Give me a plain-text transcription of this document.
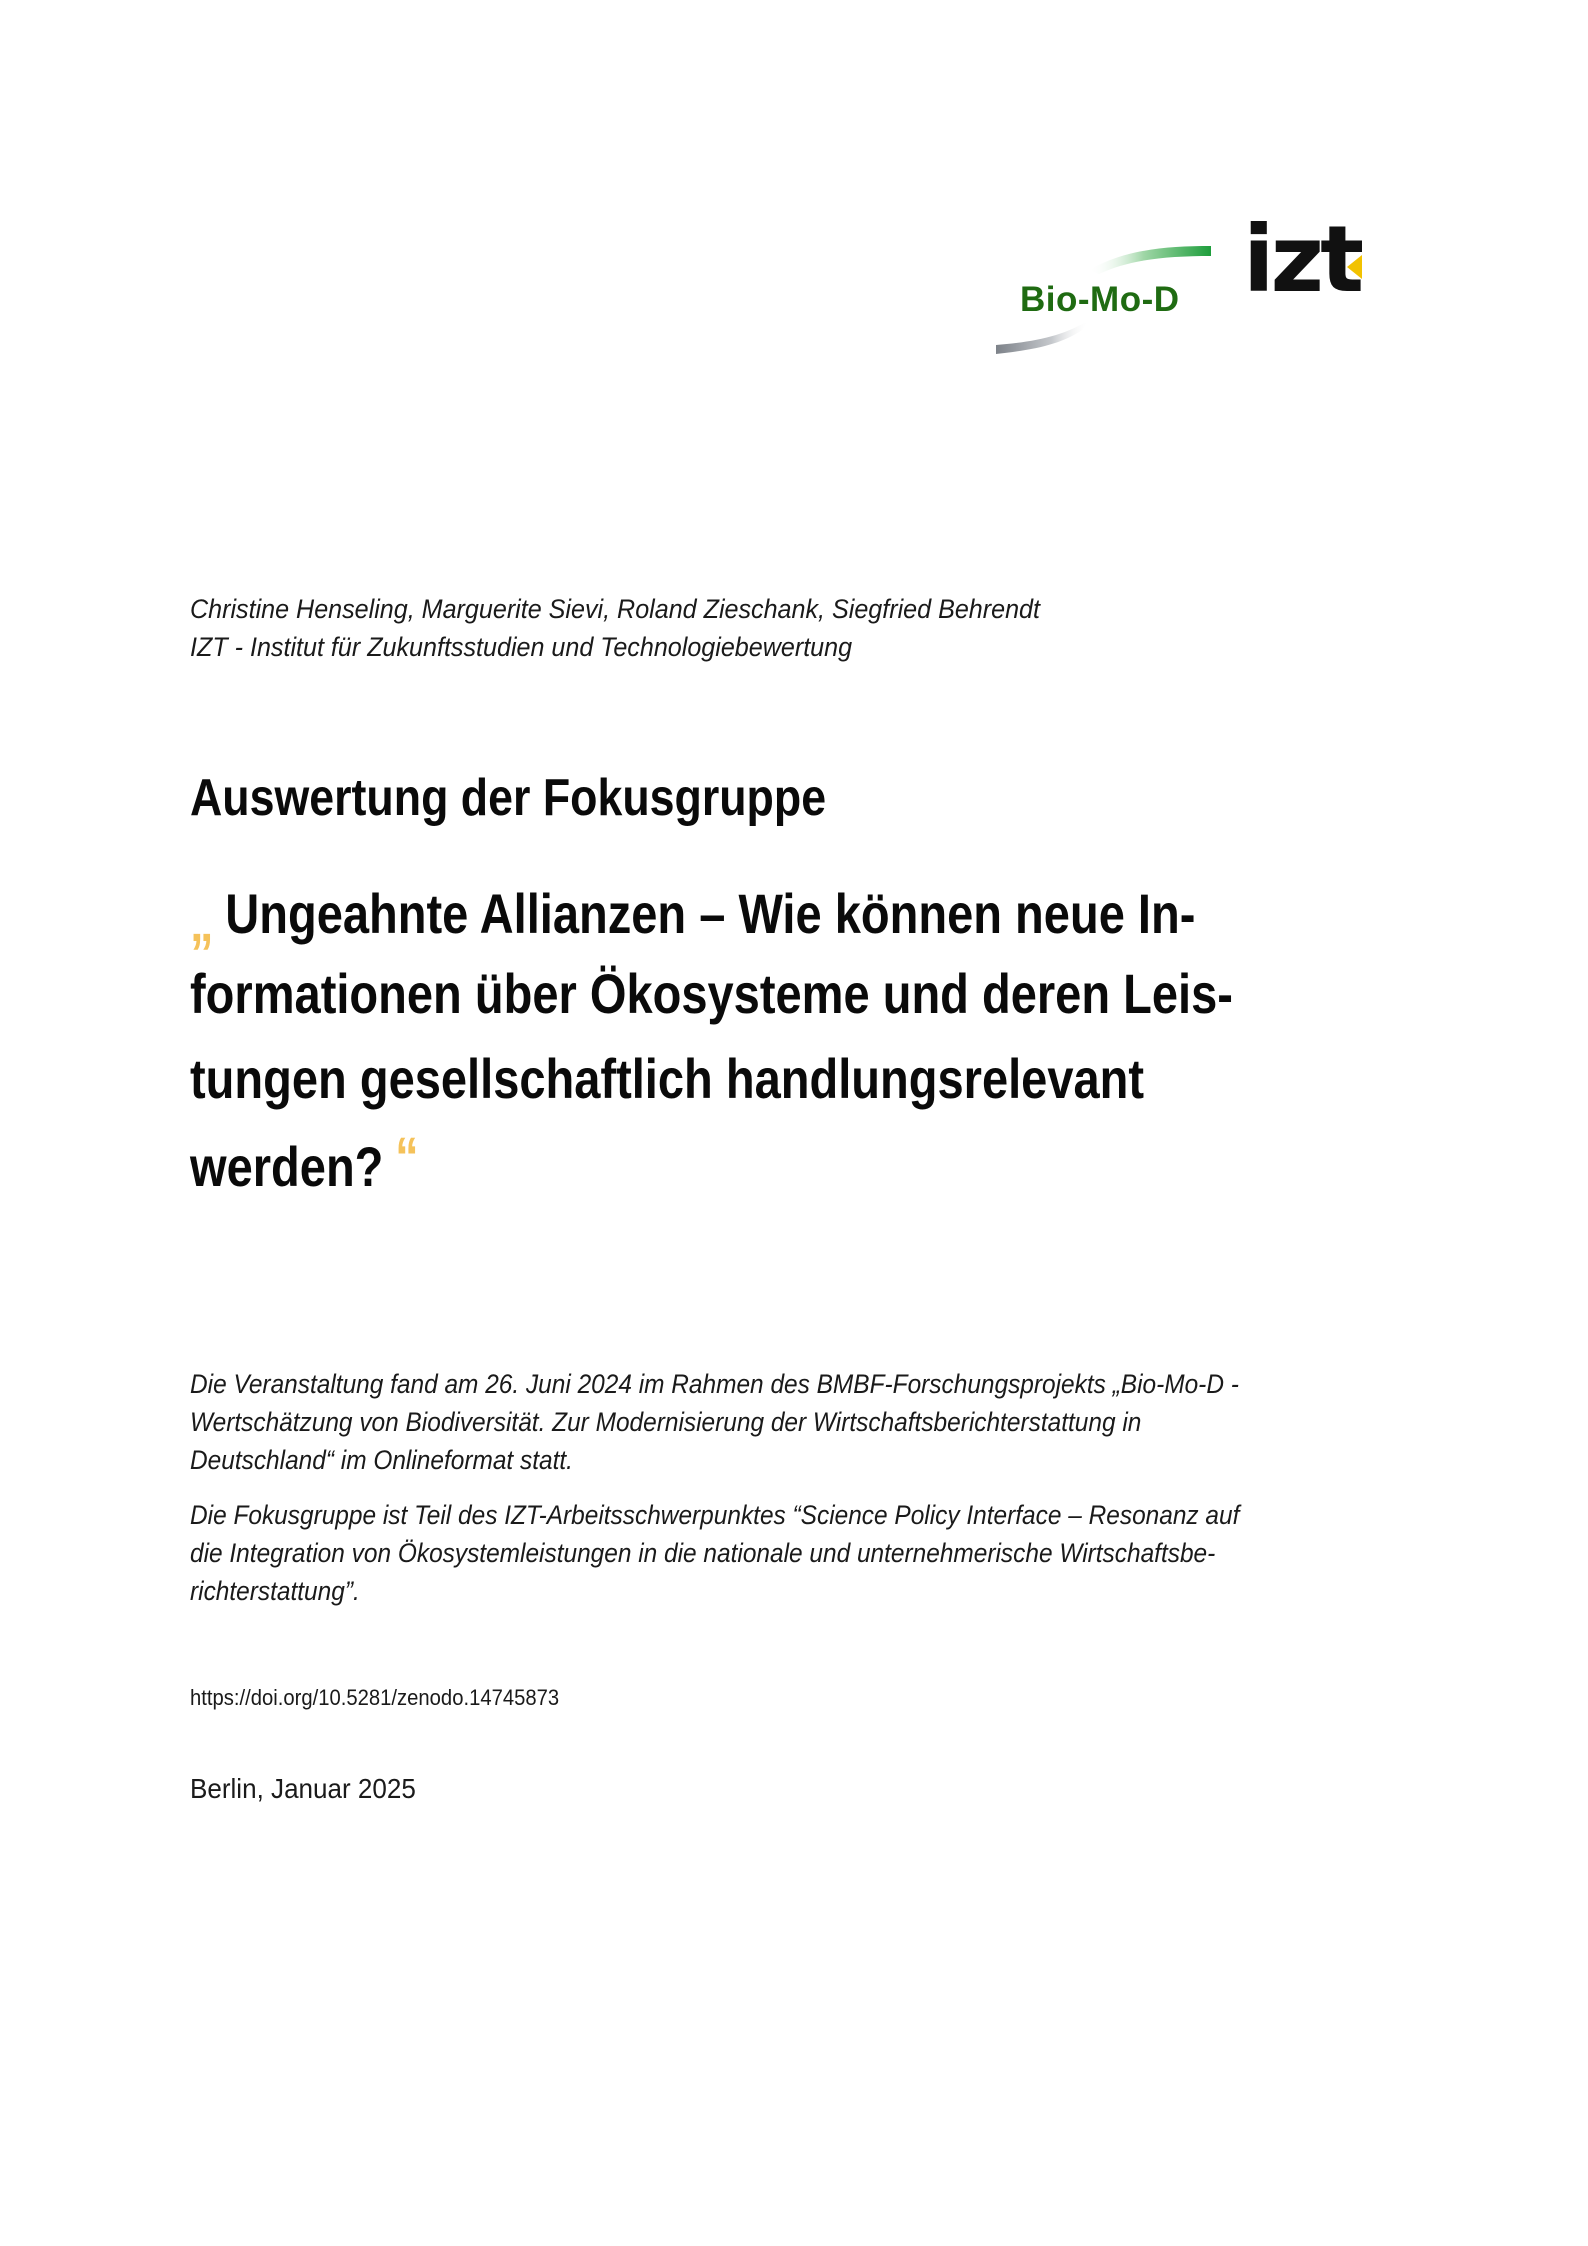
Bio-Mo-D izt
Christine Henseling, Marguerite Sievi, Roland Zieschank, Siegfried Behrendt
IZT - Institut für Zukunftsstudien und Technologiebewertung
Auswertung der Fokusgruppe
„ Ungeahnte Allianzen – Wie können neue In-
formationen über Ökosysteme und deren Leis-
tungen gesellschaftlich handlungsrelevant
werden? “

Die Veranstaltung fand am 26. Juni 2024 im Rahmen des BMBF-Forschungsprojekts „Bio-Mo-D -
Wertschätzung von Biodiversität. Zur Modernisierung der Wirtschaftsberichterstattung in
Deutschland“ im Onlineformat statt.

Die Fokusgruppe ist Teil des IZT-Arbeitsschwerpunktes “Science Policy Interface – Resonanz auf
die Integration von Ökosystemleistungen in die nationale und unternehmerische Wirtschaftsbe-
richterstattung”.

https://doi.org/10.5281/zenodo.14745873
Berlin, Januar 2025
